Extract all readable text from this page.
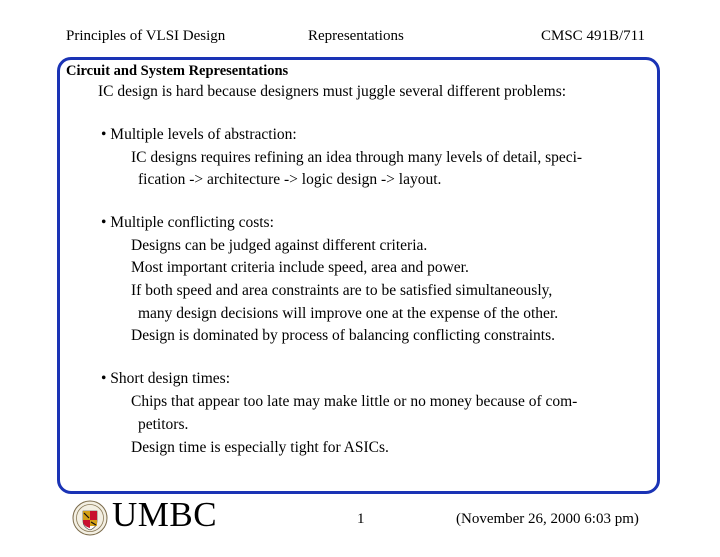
Principles of VLSI Design	Representations	CMSC 491B/711
Circuit and System Representations
IC design is hard because designers must juggle several different problems:
• Multiple levels of abstraction:
IC designs requires refining an idea through many levels of detail, speci-
fication -> architecture -> logic design -> layout.
• Multiple conflicting costs:
Designs can be judged against different criteria.
Most important criteria include speed, area and power.
If both speed and area constraints are to be satisfied simultaneously,
many design decisions will improve one at the expense of the other.
Design is dominated by process of balancing conflicting constraints.
• Short design times:
Chips that appear too late may make little or no money because of com-
petitors.
Design time is especially tight for ASICs.
UMBC	1	(November 26, 2000 6:03 pm)
